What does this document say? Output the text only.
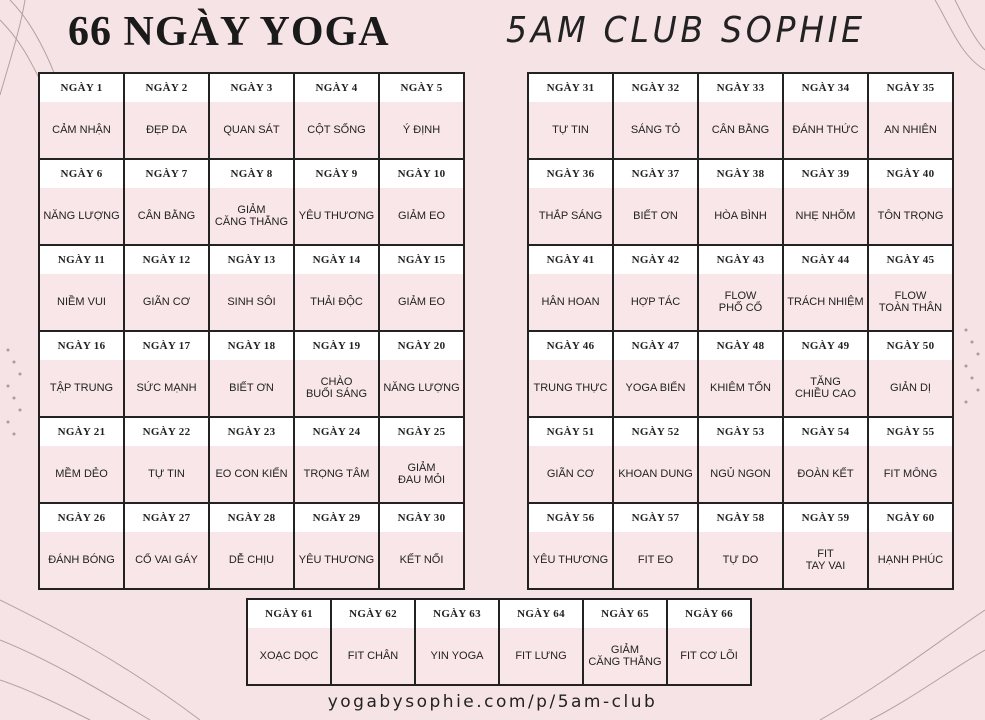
66 NGÀY YOGA	5AM CLUB SOPHIE
NGÀY 1
CẢM NHẬN
NGÀY 2
ĐẸP DA
NGÀY 3
QUAN SÁT
NGÀY 4
CỘT SỐNG
NGÀY 5
Ý ĐỊNH
NGÀY 6
NĂNG LƯỢNG
NGÀY 7
CÂN BẰNG
NGÀY 8
GIẢM
CĂNG THẲNG
NGÀY 9
YÊU THƯƠNG
NGÀY 10
GIẢM EO
NGÀY 11
NIỀM VUI
NGÀY 12
GIÃN CƠ
NGÀY 13
SINH SÔI
NGÀY 14
THẢI ĐỘC
NGÀY 15
GIẢM EO
NGÀY 16
TẬP TRUNG
NGÀY 17
SỨC MẠNH
NGÀY 18
BIẾT ƠN
NGÀY 19
CHÀO
BUỔI SÁNG
NGÀY 20
NĂNG LƯỢNG
NGÀY 21
MỀM DẺO
NGÀY 22
TỰ TIN
NGÀY 23
EO CON KIẾN
NGÀY 24
TRỌNG TÂM
NGÀY 25
GIẢM
ĐAU MỎI
NGÀY 26
ĐÁNH BÓNG
NGÀY 27
CỔ VAI GÁY
NGÀY 28
DỄ CHỊU
NGÀY 29
YÊU THƯƠNG
NGÀY 30
KẾT NỐI
NGÀY 31
TỰ TIN
NGÀY 32
SÁNG TỎ
NGÀY 33
CÂN BẰNG
NGÀY 34
ĐÁNH THỨC
NGÀY 35
AN NHIÊN
NGÀY 36
THẮP SÁNG
NGÀY 37
BIẾT ƠN
NGÀY 38
HÒA BÌNH
NGÀY 39
NHẸ NHÕM
NGÀY 40
TÔN TRỌNG
NGÀY 41
HÂN HOAN
NGÀY 42
HỢP TÁC
NGÀY 43
FLOW
PHỐ CỔ
NGÀY 44
TRÁCH NHIỆM
NGÀY 45
FLOW
TOÀN THÂN
NGÀY 46
TRUNG THỰC
NGÀY 47
YOGA BIỂN
NGÀY 48
KHIÊM TỐN
NGÀY 49
TĂNG
CHIỀU CAO
NGÀY 50
GIẢN DỊ
NGÀY 51
GIÃN CƠ
NGÀY 52
KHOAN DUNG
NGÀY 53
NGỦ NGON
NGÀY 54
ĐOÀN KẾT
NGÀY 55
FIT MÔNG
NGÀY 56
YÊU THƯƠNG
NGÀY 57
FIT EO
NGÀY 58
TỰ DO
NGÀY 59
FIT
TAY VAI
NGÀY 60
HẠNH PHÚC
NGÀY 61
XOẠC DỌC
NGÀY 62
FIT CHÂN
NGÀY 63
YIN YOGA
NGÀY 64
FIT LƯNG
NGÀY 65
GIẢM
CĂNG THẲNG
NGÀY 66
FIT CƠ LÕI
yogabysophie.com/p/5am-club
